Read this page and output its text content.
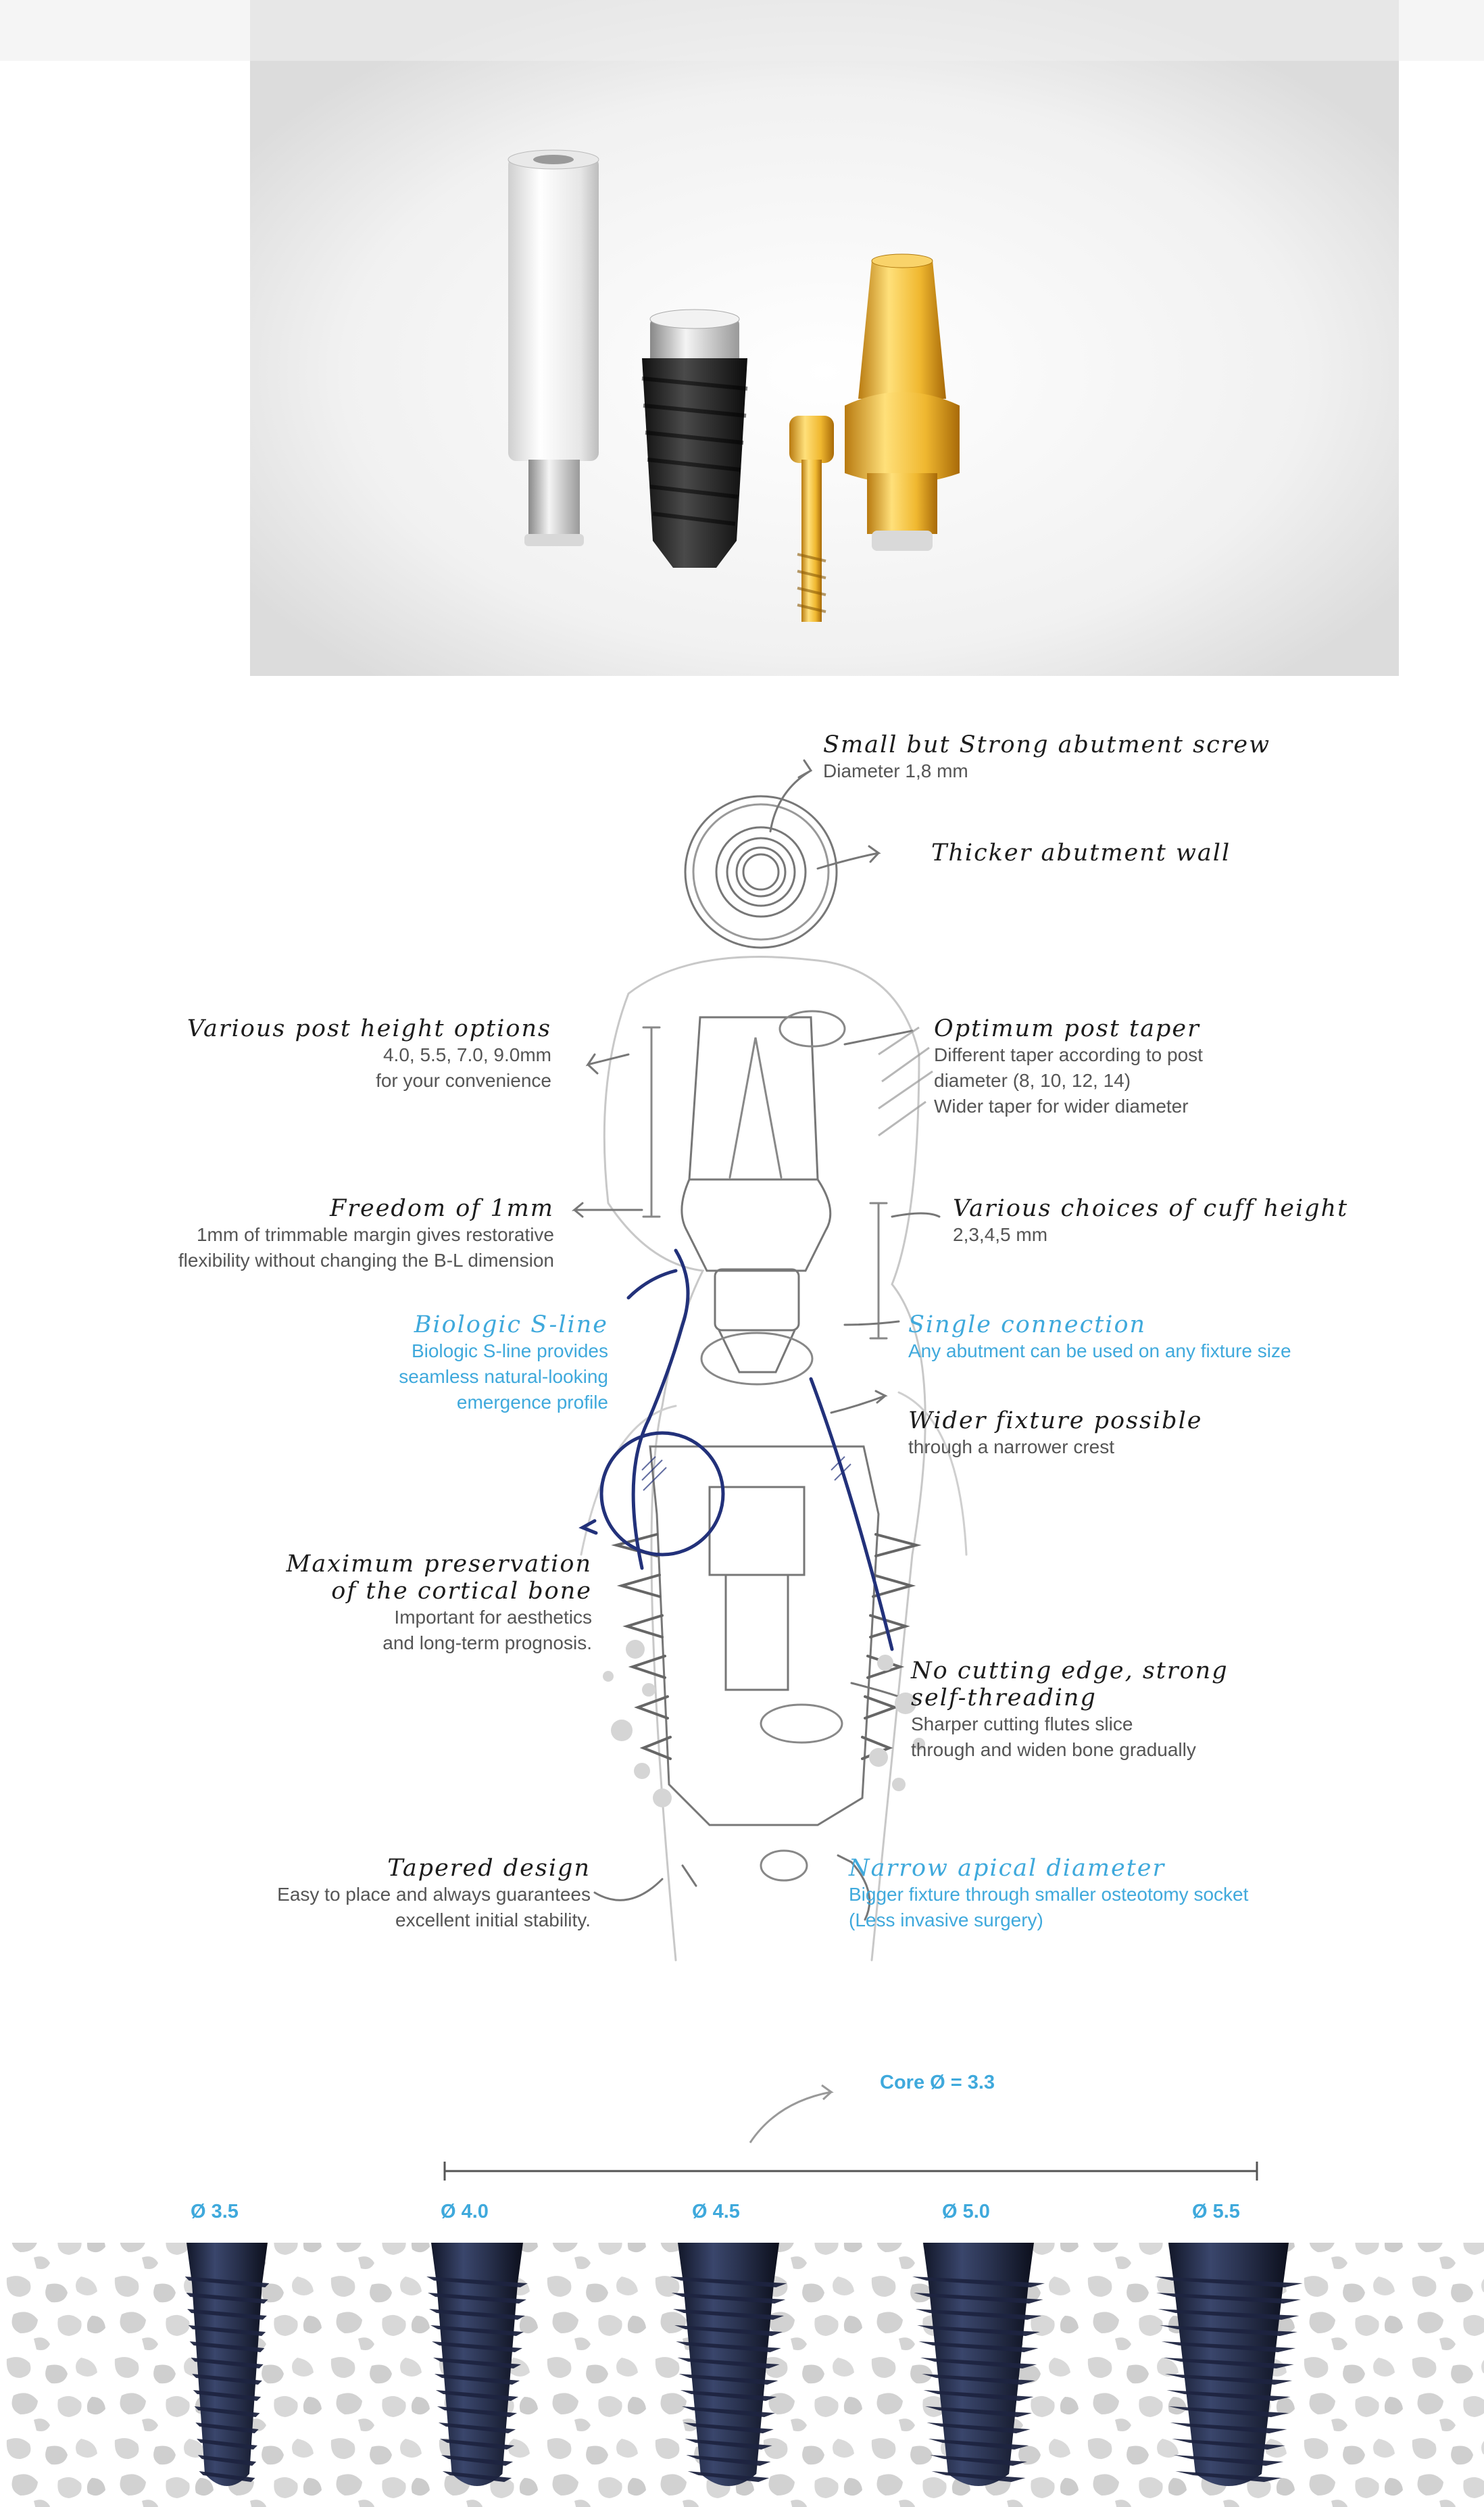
Small but Strong abutment screw
Diameter 1,8 mm
Thicker abutment wall
Various post height options
4.0, 5.5, 7.0, 9.0mm
for your convenience
Optimum post taper
Different taper according to post
diameter (8, 10, 12, 14)
Wider taper for wider diameter
Freedom of 1mm
1mm of trimmable margin gives restorative
flexibility without changing the B-L dimension
Various choices of cuff height
2,3,4,5 mm
Biologic S-line
Biologic S-line provides
seamless natural-looking
emergence profile
Single connection
Any abutment can be used on any fixture size
Wider fixture possible
through a narrower crest
Maximum preservation
of the cortical bone
Important for aesthetics
and long-term prognosis.
No cutting edge, strong
self-threading
Sharper cutting flutes slice
through and widen bone gradually
Tapered design
Easy to place and always guarantees
excellent initial stability.
Narrow apical diameter
Bigger fixture through smaller osteotomy socket
(Less invasive surgery)
Core Ø = 3.3
Ø 3.5	Ø 4.0	Ø 4.5	Ø 5.0	Ø 5.5
